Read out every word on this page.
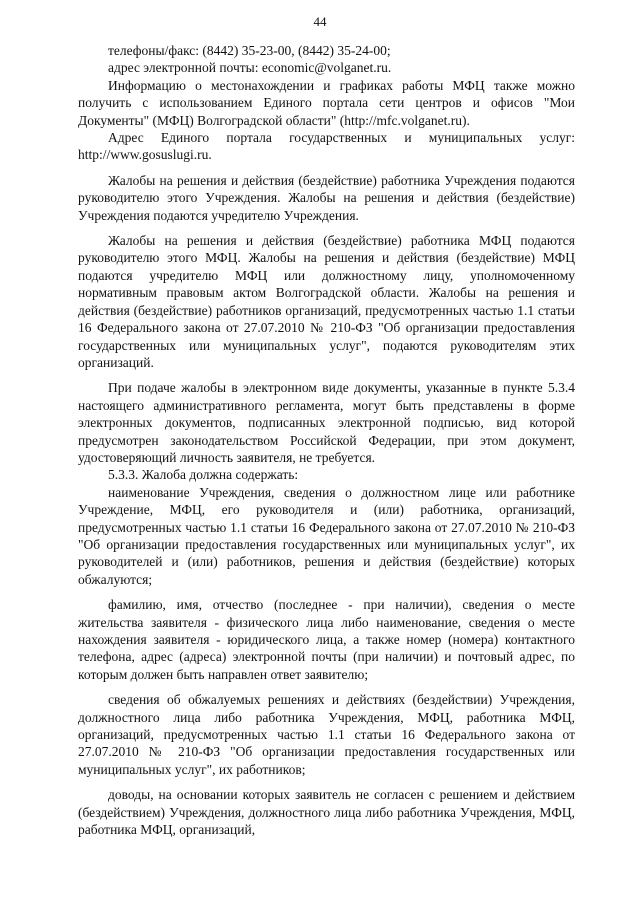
44

телефоны/факс: (8442) 35-23-00, (8442) 35-24-00;

адрес электронной почты: economic@volganet.ru.

Информацию о местонахождении и графиках работы МФЦ также можно получить с использованием Единого портала сети центров и офисов "Мои Документы" (МФЦ) Волгоградской области" (http://mfc.volganet.ru).

Адрес Единого портала государственных и муниципальных услуг: http://www.gosuslugi.ru.

Жалобы на решения и действия (бездействие) работника Учреждения подаются руководителю этого Учреждения. Жалобы на решения и действия (бездействие) Учреждения подаются учредителю Учреждения.

Жалобы на решения и действия (бездействие) работника МФЦ подаются руководителю этого МФЦ. Жалобы на решения и действия (бездействие) МФЦ подаются учредителю МФЦ или должностному лицу, уполномоченному нормативным правовым актом Волгоградской области. Жалобы на решения и действия (бездействие) работников организаций, предусмотренных частью 1.1 статьи 16 Федерального закона от 27.07.2010 № 210-ФЗ "Об организации предоставления государственных или муниципальных услуг", подаются руководителям этих организаций.

При подаче жалобы в электронном виде документы, указанные в пункте 5.3.4 настоящего административного регламента, могут быть представлены в форме электронных документов, подписанных электронной подписью, вид которой предусмотрен законодательством Российской Федерации, при этом документ, удостоверяющий личность заявителя, не требуется.

5.3.3. Жалоба должна содержать:

наименование Учреждения, сведения о должностном лице или работнике Учреждение, МФЦ, его руководителя и (или) работника, организаций, предусмотренных частью 1.1 статьи 16 Федерального закона от 27.07.2010 № 210-ФЗ "Об организации предоставления государственных или муниципальных услуг", их руководителей и (или) работников, решения и действия (бездействие) которых обжалуются;

фамилию, имя, отчество (последнее - при наличии), сведения о месте жительства заявителя - физического лица либо наименование, сведения о месте нахождения заявителя - юридического лица, а также номер (номера) контактного телефона, адрес (адреса) электронной почты (при наличии) и почтовый адрес, по которым должен быть направлен ответ заявителю;

сведения об обжалуемых решениях и действиях (бездействии) Учреждения, должностного лица либо работника Учреждения, МФЦ, работника МФЦ, организаций, предусмотренных частью 1.1 статьи 16 Федерального закона от 27.07.2010 № 210-ФЗ "Об организации предоставления государственных или муниципальных услуг", их работников;

доводы, на основании которых заявитель не согласен с решением и действием (бездействием) Учреждения, должностного лица либо работника Учреждения, МФЦ, работника МФЦ, организаций,
